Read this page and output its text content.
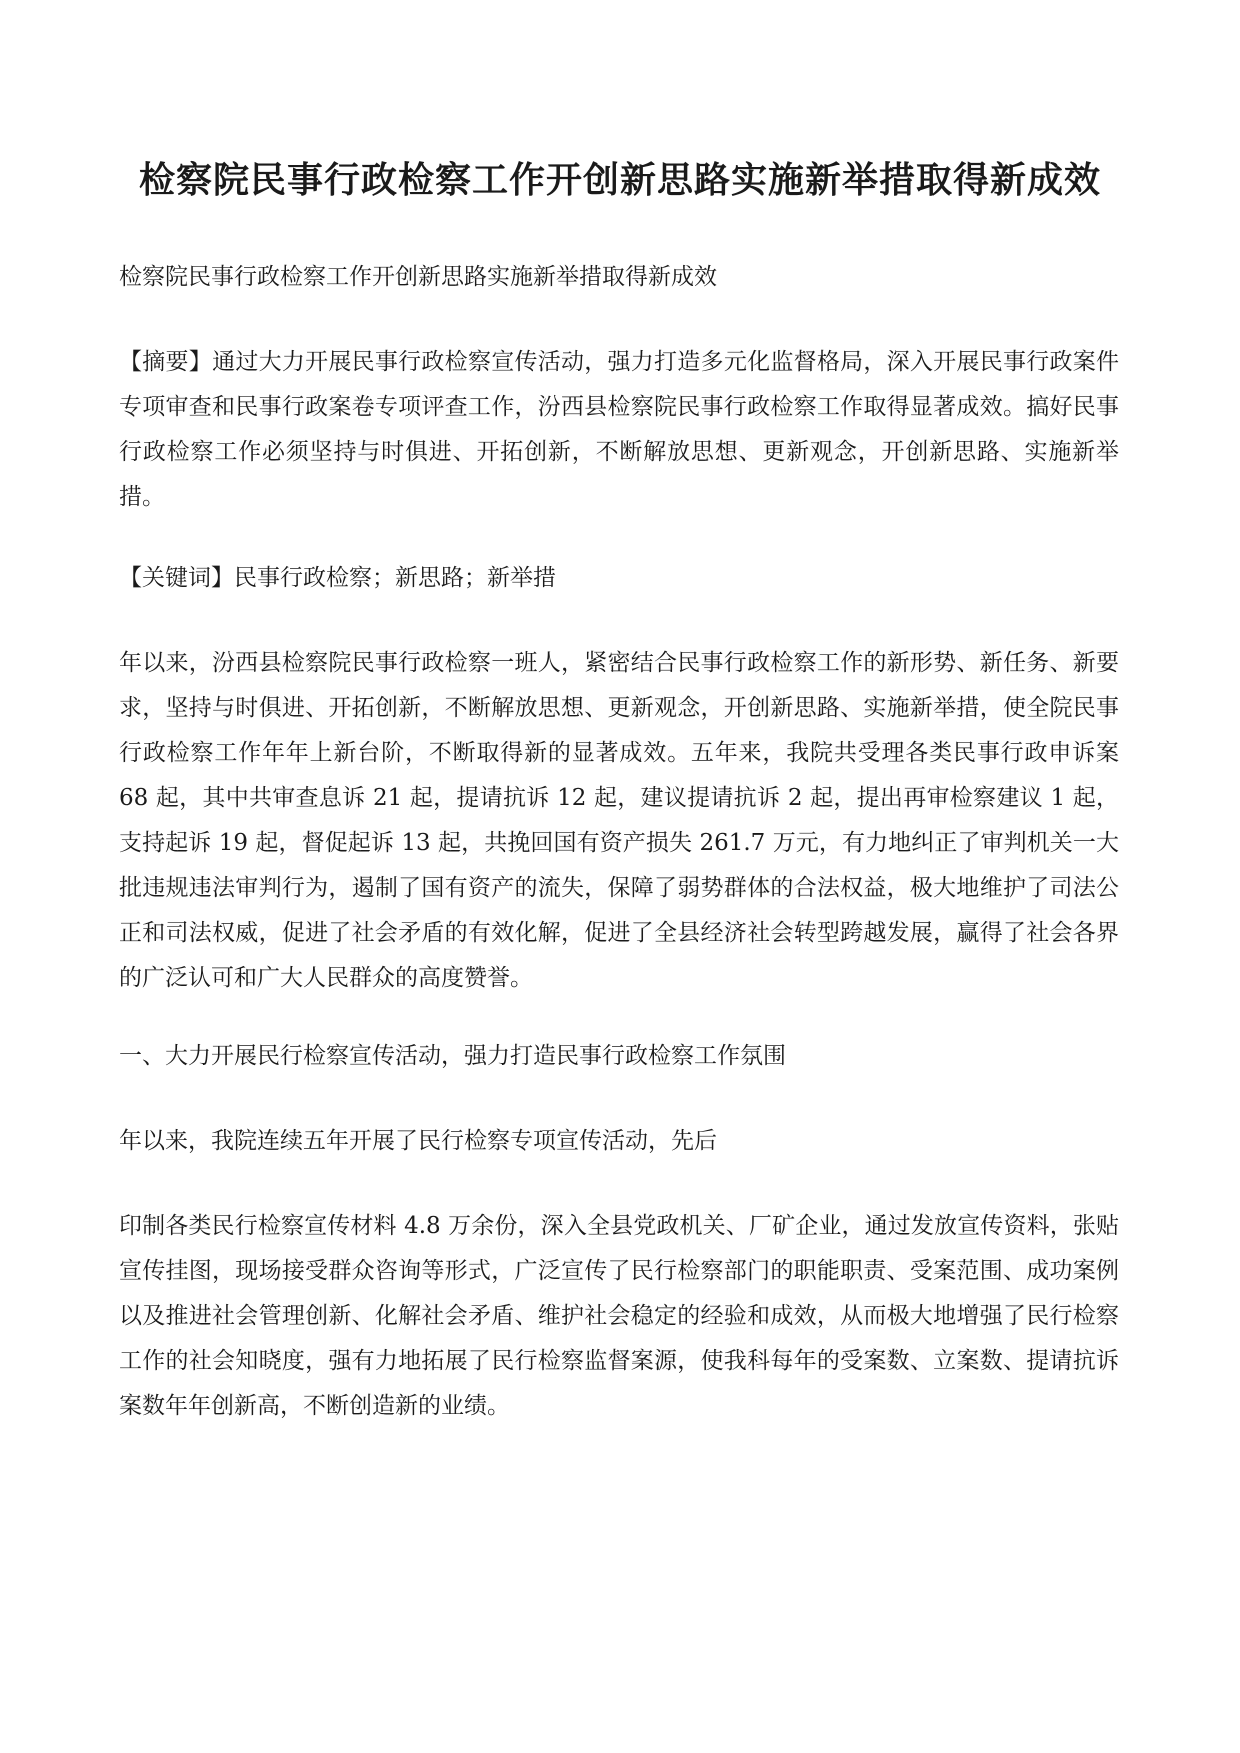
检察院民事行政检察工作开创新思路实施新举措取得新成效

检察院民事行政检察工作开创新思路实施新举措取得新成效

【摘要】通过大力开展民事行政检察宣传活动，强力打造多元化监督格局，深入开展民事行政案件专项审查和民事行政案卷专项评查工作，汾西县检察院民事行政检察工作取得显著成效。搞好民事行政检察工作必须坚持与时俱进、开拓创新，不断解放思想、更新观念，开创新思路、实施新举措。

【关键词】民事行政检察；新思路；新举措

年以来，汾西县检察院民事行政检察一班人，紧密结合民事行政检察工作的新形势、新任务、新要求，坚持与时俱进、开拓创新，不断解放思想、更新观念，开创新思路、实施新举措，使全院民事行政检察工作年年上新台阶，不断取得新的显著成效。五年来，我院共受理各类民事行政申诉案 68 起，其中共审查息诉 21 起，提请抗诉 12 起，建议提请抗诉 2 起，提出再审检察建议 1 起，支持起诉 19 起，督促起诉 13 起，共挽回国有资产损失 261.7 万元，有力地纠正了审判机关一大批违规违法审判行为，遏制了国有资产的流失，保障了弱势群体的合法权益，极大地维护了司法公正和司法权威，促进了社会矛盾的有效化解，促进了全县经济社会转型跨越发展，赢得了社会各界的广泛认可和广大人民群众的高度赞誉。

一、大力开展民行检察宣传活动，强力打造民事行政检察工作氛围

年以来，我院连续五年开展了民行检察专项宣传活动，先后

印制各类民行检察宣传材料 4.8 万余份，深入全县党政机关、厂矿企业，通过发放宣传资料，张贴宣传挂图，现场接受群众咨询等形式，广泛宣传了民行检察部门的职能职责、受案范围、成功案例以及推进社会管理创新、化解社会矛盾、维护社会稳定的经验和成效，从而极大地增强了民行检察工作的社会知晓度，强有力地拓展了民行检察监督案源，使我科每年的受案数、立案数、提请抗诉案数年年创新高，不断创造新的业绩。
